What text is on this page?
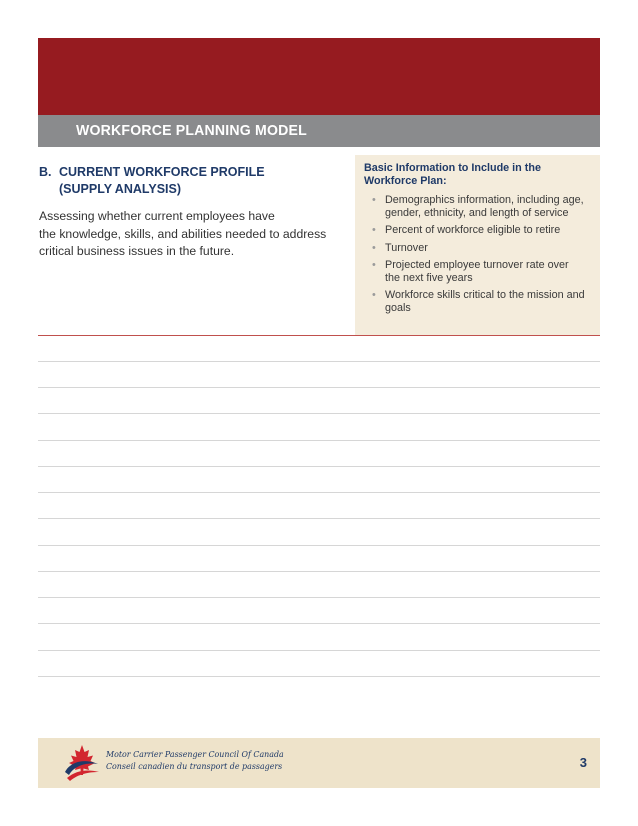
WORKFORCE PLANNING MODEL
B. CURRENT WORKFORCE PROFILE
(SUPPLY ANALYSIS)
Assessing whether current employees have
the knowledge, skills, and abilities needed to address
critical business issues in the future.
Basic Information to Include in the Workforce Plan:
• Demographics information, including age, gender, ethnicity, and length of service
• Percent of workforce eligible to retire
• Turnover
• Projected employee turnover rate over the next five years
• Workforce skills critical to the mission and goals
Motor Carrier Passenger Council Of Canada
Conseil canadien du transport de passagers	3
